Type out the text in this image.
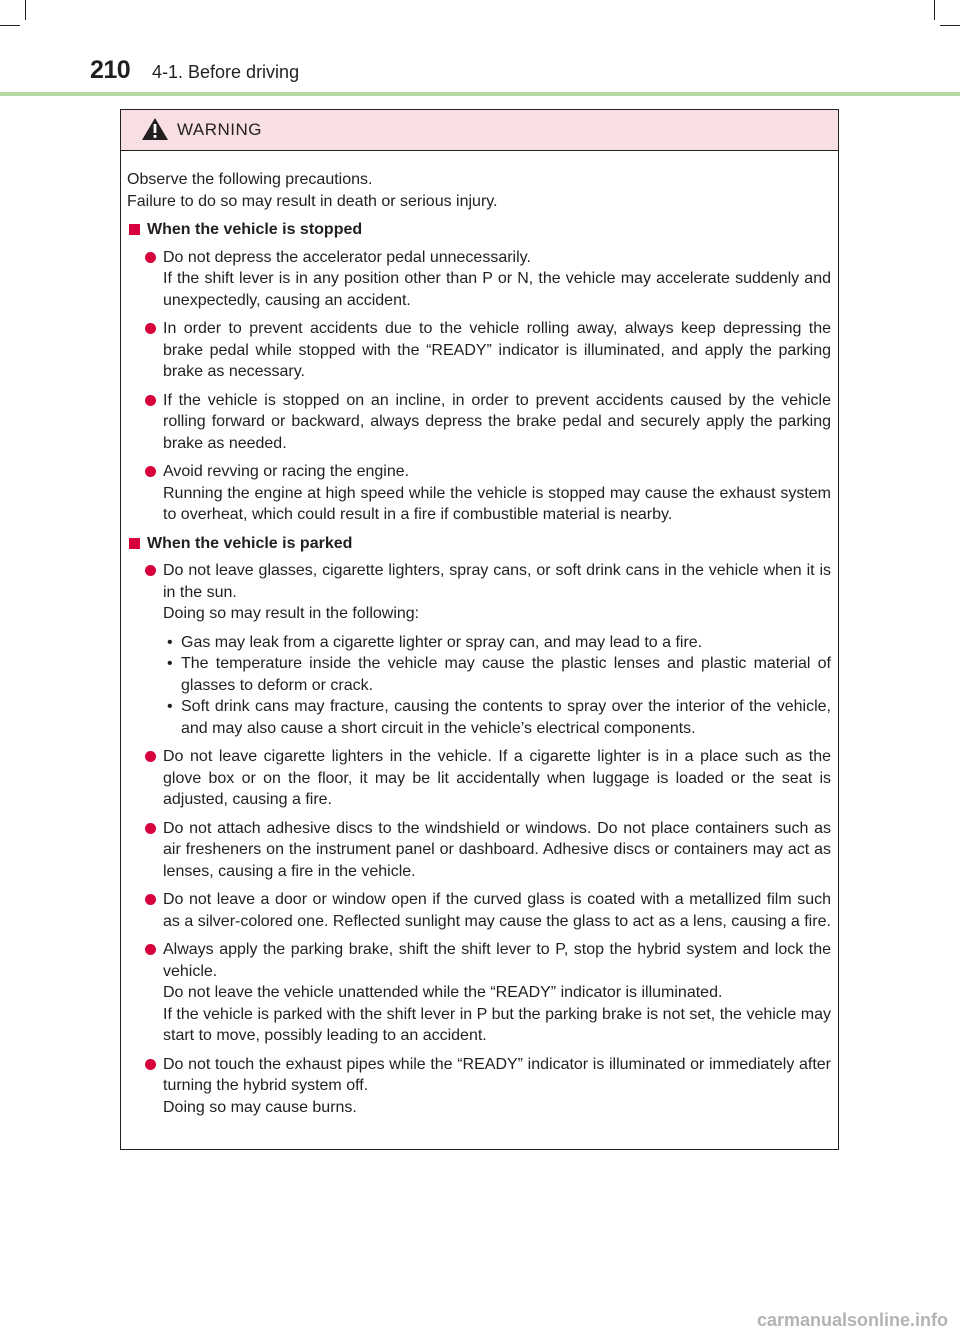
210 4-1. Before driving
WARNING

Observe the following precautions.
Failure to do so may result in death or serious injury.

When the vehicle is stopped
Do not depress the accelerator pedal unnecessarily.
If the shift lever is in any position other than P or N, the vehicle may accelerate suddenly and unexpectedly, causing an accident.
In order to prevent accidents due to the vehicle rolling away, always keep depressing the brake pedal while stopped with the “READY” indicator is illuminated, and apply the parking brake as necessary.
If the vehicle is stopped on an incline, in order to prevent accidents caused by the vehicle rolling forward or backward, always depress the brake pedal and securely apply the parking brake as needed.
Avoid revving or racing the engine.
Running the engine at high speed while the vehicle is stopped may cause the exhaust system to overheat, which could result in a fire if combustible material is nearby.
When the vehicle is parked
Do not leave glasses, cigarette lighters, spray cans, or soft drink cans in the vehicle when it is in the sun.
Doing so may result in the following:
• Gas may leak from a cigarette lighter or spray can, and may lead to a fire.
• The temperature inside the vehicle may cause the plastic lenses and plastic material of glasses to deform or crack.
• Soft drink cans may fracture, causing the contents to spray over the interior of the vehicle, and may also cause a short circuit in the vehicle’s electrical components.
Do not leave cigarette lighters in the vehicle. If a cigarette lighter is in a place such as the glove box or on the floor, it may be lit accidentally when luggage is loaded or the seat is adjusted, causing a fire.
Do not attach adhesive discs to the windshield or windows. Do not place containers such as air fresheners on the instrument panel or dashboard. Adhesive discs or containers may act as lenses, causing a fire in the vehicle.
Do not leave a door or window open if the curved glass is coated with a metallized film such as a silver-colored one. Reflected sunlight may cause the glass to act as a lens, causing a fire.
Always apply the parking brake, shift the shift lever to P, stop the hybrid system and lock the vehicle.
Do not leave the vehicle unattended while the “READY” indicator is illuminated.
If the vehicle is parked with the shift lever in P but the parking brake is not set, the vehicle may start to move, possibly leading to an accident.
Do not touch the exhaust pipes while the “READY” indicator is illuminated or immediately after turning the hybrid system off.
Doing so may cause burns.
carmanualsonline.info
